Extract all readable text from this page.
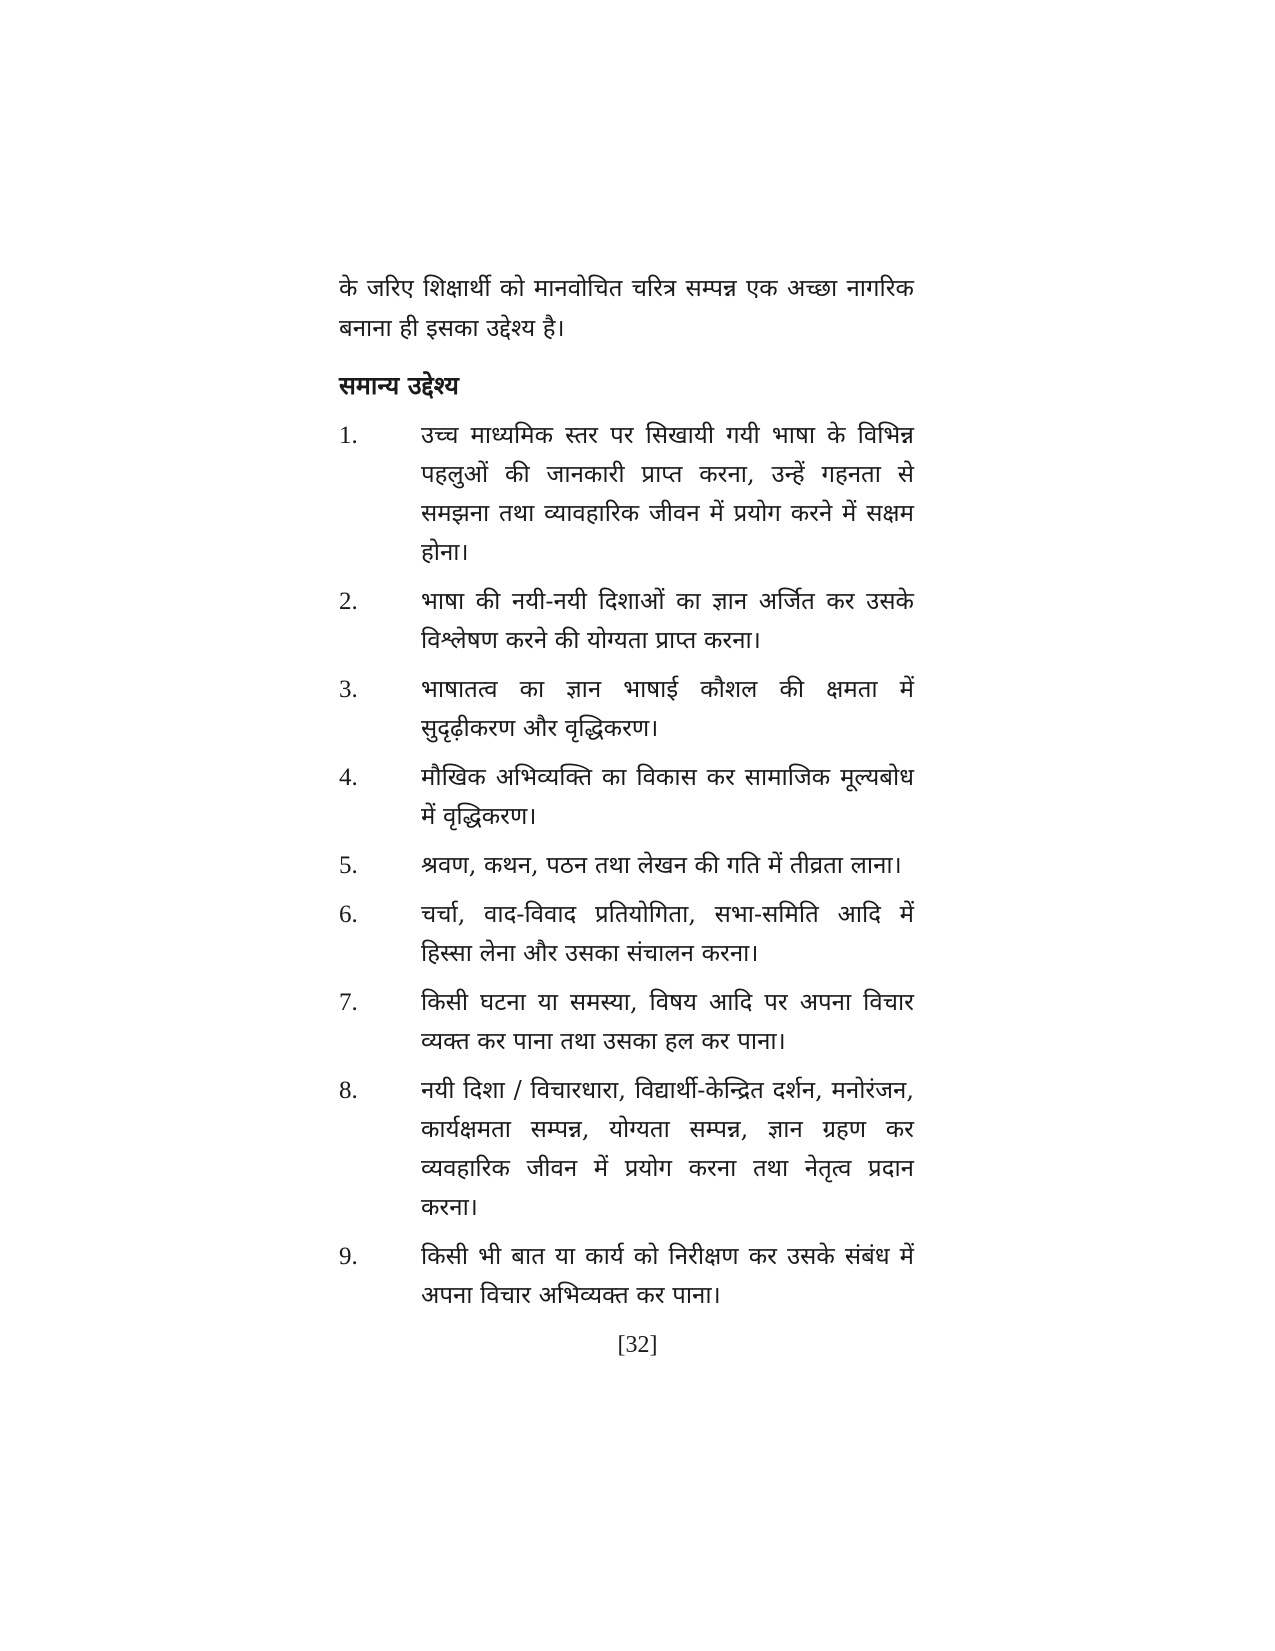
के जरिए शिक्षार्थी को मानवोचित चरित्र सम्पन्न एक अच्छा नागरिक बनाना ही इसका उद्देश्य है।

समान्य उद्देश्य
1.	उच्च माध्यमिक स्तर पर सिखायी गयी भाषा के विभिन्न पहलुओं की जानकारी प्राप्त करना, उन्हें गहनता से समझना तथा व्यावहारिक जीवन में प्रयोग करने में सक्षम होना।
2.	भाषा की नयी-नयी दिशाओं का ज्ञान अर्जित कर उसके विश्लेषण करने की योग्यता प्राप्त करना।
3.	भाषातत्व का ज्ञान भाषाई कौशल की क्षमता में सुदृढ़ीकरण और वृद्धिकरण।
4.	मौखिक अभिव्यक्ति का विकास कर सामाजिक मूल्यबोध में वृद्धिकरण।
5.	श्रवण, कथन, पठन तथा लेखन की गति में तीव्रता लाना।
6.	चर्चा, वाद-विवाद प्रतियोगिता, सभा-समिति आदि में हिस्सा लेना और उसका संचालन करना।
7.	किसी घटना या समस्या, विषय आदि पर अपना विचार व्यक्त कर पाना तथा उसका हल कर पाना।
8.	नयी दिशा / विचारधारा, विद्यार्थी-केन्द्रित दर्शन, मनोरंजन, कार्यक्षमता सम्पन्न, योग्यता सम्पन्न, ज्ञान ग्रहण कर व्यवहारिक जीवन में प्रयोग करना तथा नेतृत्व प्रदान करना।
9.	किसी भी बात या कार्य को निरीक्षण कर उसके संबंध में अपना विचार अभिव्यक्त कर पाना।
[32]
